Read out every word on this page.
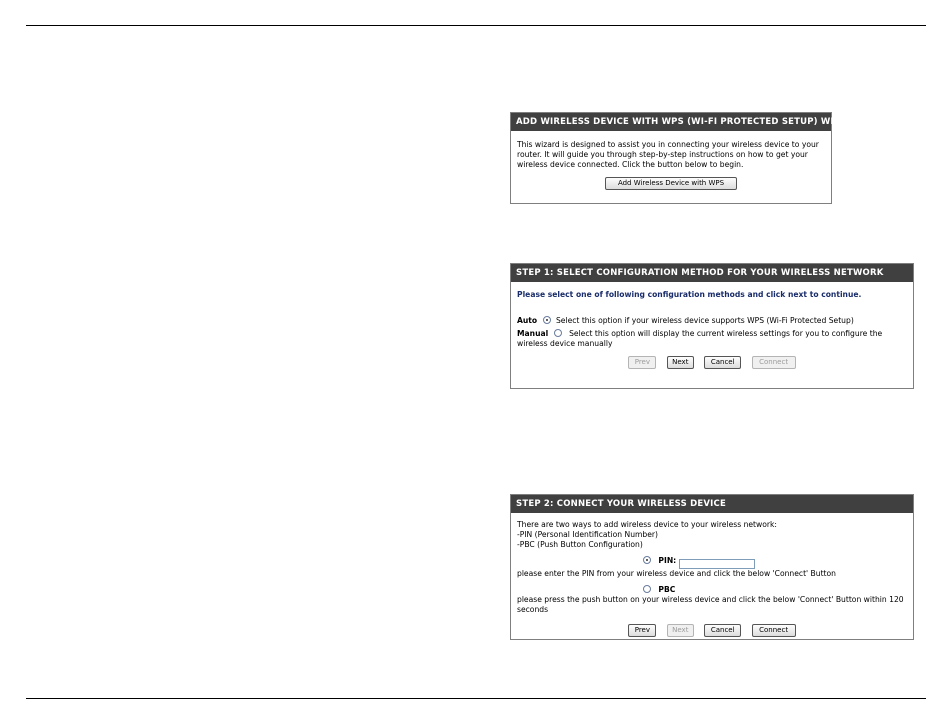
ADD WIRELESS DEVICE WITH WPS (WI-FI PROTECTED SETUP) WIZARD
This wizard is designed to assist you in connecting your wireless device to your router. It will guide you through step-by-step instructions on how to get your wireless device connected. Click the button below to begin.
Add Wireless Device with WPS
STEP 1: SELECT CONFIGURATION METHOD FOR YOUR WIRELESS NETWORK
Please select one of following configuration methods and click next to continue.
Auto Select this option if your wireless device supports WPS (Wi-Fi Protected Setup)
Manual	Select this option will display the current wireless settings for you to configure the wireless device manually
Prev	Next	Cancel	Connect
STEP 2: CONNECT YOUR WIRELESS DEVICE
There are two ways to add wireless device to your wireless network:
-PIN (Personal Identification Number)
-PBC (Push Button Configuration)
PIN:
please enter the PIN from your wireless device and click the below 'Connect' Button
PBC
please press the push button on your wireless device and click the below 'Connect' Button within 120 seconds
Prev	Next	Cancel	Connect
